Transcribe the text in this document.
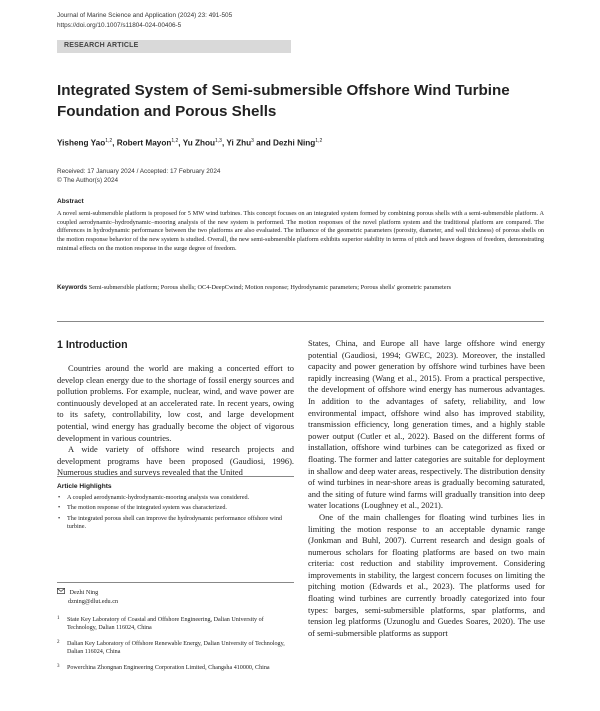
Journal of Marine Science and Application (2024) 23: 491-505
https://doi.org/10.1007/s11804-024-00406-5
RESEARCH ARTICLE
Integrated System of Semi-submersible Offshore Wind Turbine Foundation and Porous Shells
Yisheng Yao$^{1,2}$, Robert Mayon$^{1,2}$, Yu Zhou$^{1,3}$, Yi Zhu$^3$ and Dezhi Ning$^{1,2}$
Received: 17 January 2024 / Accepted: 17 February 2024
© The Author(s) 2024
Abstract
A novel semi-submersible platform is proposed for 5 MW wind turbines. This concept focuses on an integrated system formed by combining porous shells with a semi-submersible platform. A coupled aerodynamic–hydrodynamic–mooring analysis of the new system is performed. The motion responses of the novel platform system and the traditional platform are compared. The differences in hydrodynamic performance between the two platforms are also evaluated. The influence of the geometric parameters (porosity, diameter, and wall thickness) of porous shells on the motion response behavior of the new system is studied. Overall, the new semi-submersible platform exhibits superior stability in terms of pitch and heave degrees of freedom, demonstrating minimal effects on the motion response in the surge degree of freedom.
Keywords Semi-submersible platform; Porous shells; OC4-DeepCwind; Motion response; Hydrodynamic parameters; Porous shells' geometric parameters
1 Introduction

Countries around the world are making a concerted effort to develop clean energy due to the shortage of fossil energy sources and pollution problems. For example, nuclear, wind, and wave power are continuously developed at an accelerated rate. In recent years, owing to its safety, controllability, low cost, and large development potential, wind energy has gradually become the object of vigorous development in various countries.

A wide variety of offshore wind research projects and development programs have been proposed (Gaudiosi, 1996). Numerous studies and surveys revealed that the United

Article Highlights
• A coupled aerodynamic-hydrodynamic-mooring analysis was considered.
• The motion response of the integrated system was characterized.
• The integrated porous shell can improve the hydrodynamic performance offshore wind turbine.
Dezhi Ning
dzning@dlut.edu.cn
1 State Key Laboratory of Coastal and Offshore Engineering, Dalian University of Technology, Dalian 116024, China
2 Dalian Key Laboratory of Offshore Renewable Energy, Dalian University of Technology, Dalian 116024, China
3 Powerchina Zhongnan Engineering Corporation Limited, Changsha 410000, China

States, China, and Europe all have large offshore wind energy potential (Gaudiosi, 1994; GWEC, 2023). Moreover, the installed capacity and power generation by offshore wind turbines have been rapidly increasing (Wang et al., 2015). From a practical perspective, the development of offshore wind energy has numerous advantages. In addition to the advantages of safety, reliability, and low environmental impact, offshore wind also has improved stability, transmission efficiency, long generation times, and a highly stable power output (Cutler et al., 2022). Based on the different forms of installation, offshore wind turbines can be categorized as fixed or floating. The former and latter categories are suitable for deployment in shallow and deep water areas, respectively. The distribution density of wind turbines in near-shore areas is gradually becoming saturated, and the siting of future wind farms will gradually transition into deep water locations (Loughney et al., 2021).

One of the main challenges for floating wind turbines lies in limiting the motion response to an acceptable dynamic range (Jonkman and Buhl, 2007). Current research and design goals of numerous scholars for floating platforms are based on two main criteria: cost reduction and stability improvement. Considering improvements in stability, the largest concern focuses on limiting the pitching motion (Edwards et al., 2023). The platforms used for floating wind turbines are currently broadly categorized into four types: barges, semi-submersible platforms, spar platforms, and tension leg platforms (Uzunoglu and Guedes Soares, 2020). The use of semi-submersible platforms as support
